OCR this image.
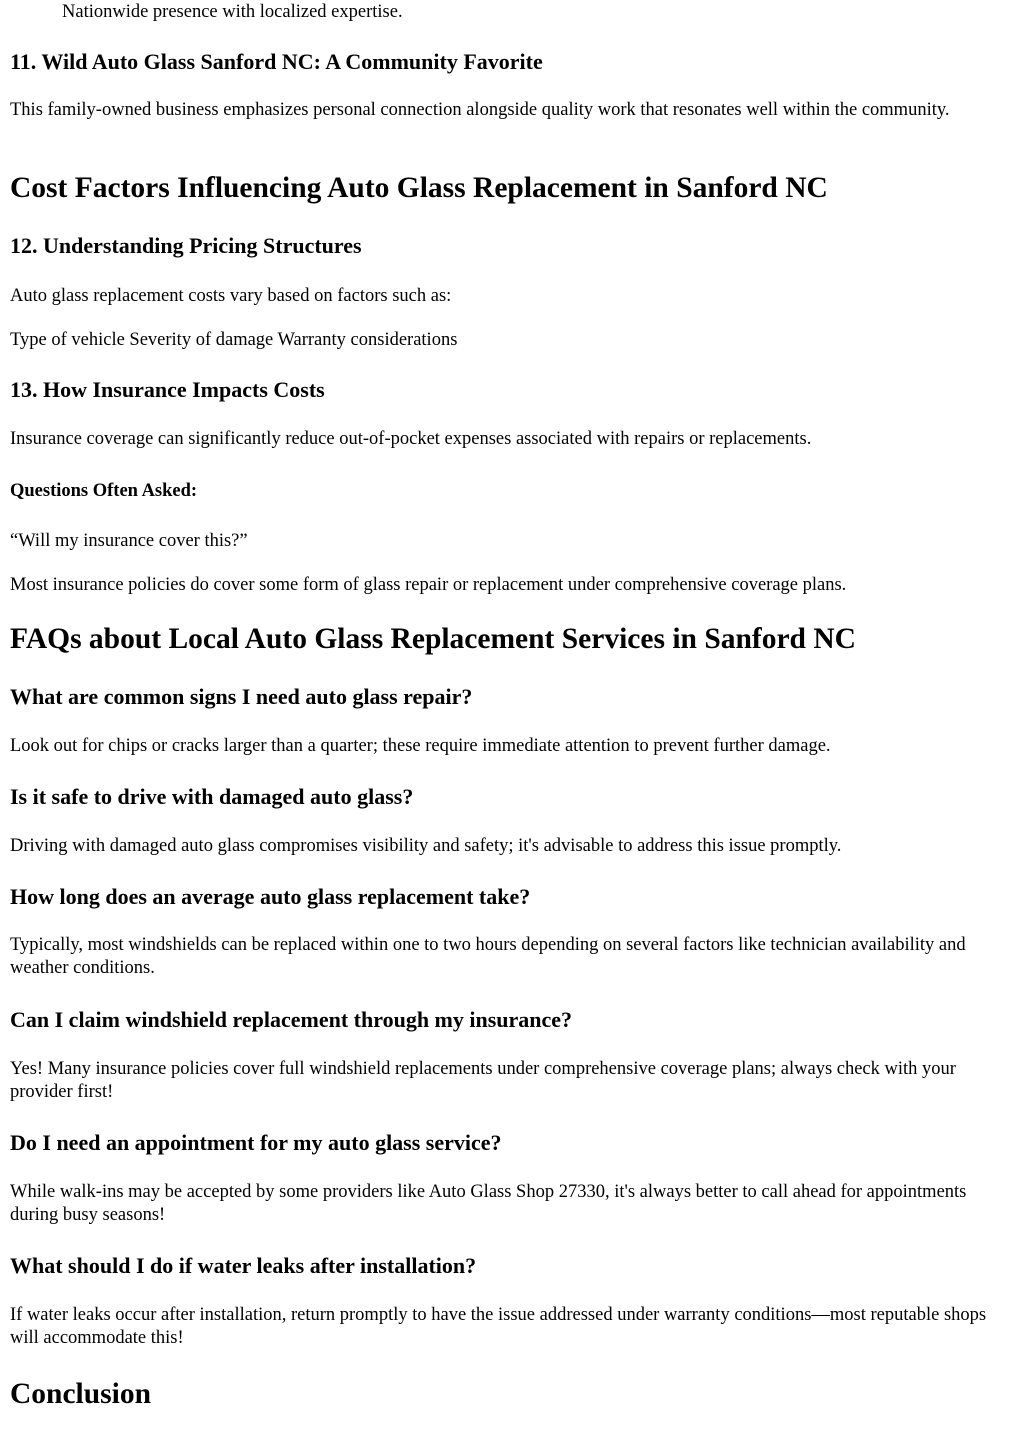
Nationwide presence with localized expertise.

11. Wild Auto Glass Sanford NC: A Community Favorite

This family-owned business emphasizes personal connection alongside quality work that resonates well within the community.

Cost Factors Influencing Auto Glass Replacement in Sanford NC
12. Understanding Pricing Structures

Auto glass replacement costs vary based on factors such as:

Type of vehicle Severity of damage Warranty considerations

13. How Insurance Impacts Costs

Insurance coverage can significantly reduce out-of-pocket expenses associated with repairs or replacements.

Questions Often Asked:

“Will my insurance cover this?”

Most insurance policies do cover some form of glass repair or replacement under comprehensive coverage plans.

FAQs about Local Auto Glass Replacement Services in Sanford NC
What are common signs I need auto glass repair?

Look out for chips or cracks larger than a quarter; these require immediate attention to prevent further damage.

Is it safe to drive with damaged auto glass?

Driving with damaged auto glass compromises visibility and safety; it's advisable to address this issue promptly.

How long does an average auto glass replacement take?

Typically, most windshields can be replaced within one to two hours depending on several factors like technician availability and weather conditions.

Can I claim windshield replacement through my insurance?

Yes! Many insurance policies cover full windshield replacements under comprehensive coverage plans; always check with your provider first!

Do I need an appointment for my auto glass service?

While walk-ins may be accepted by some providers like Auto Glass Shop 27330, it's always better to call ahead for appointments during busy seasons!

What should I do if water leaks after installation?

If water leaks occur after installation, return promptly to have the issue addressed under warranty conditions—most reputable shops will accommodate this!

Conclusion
